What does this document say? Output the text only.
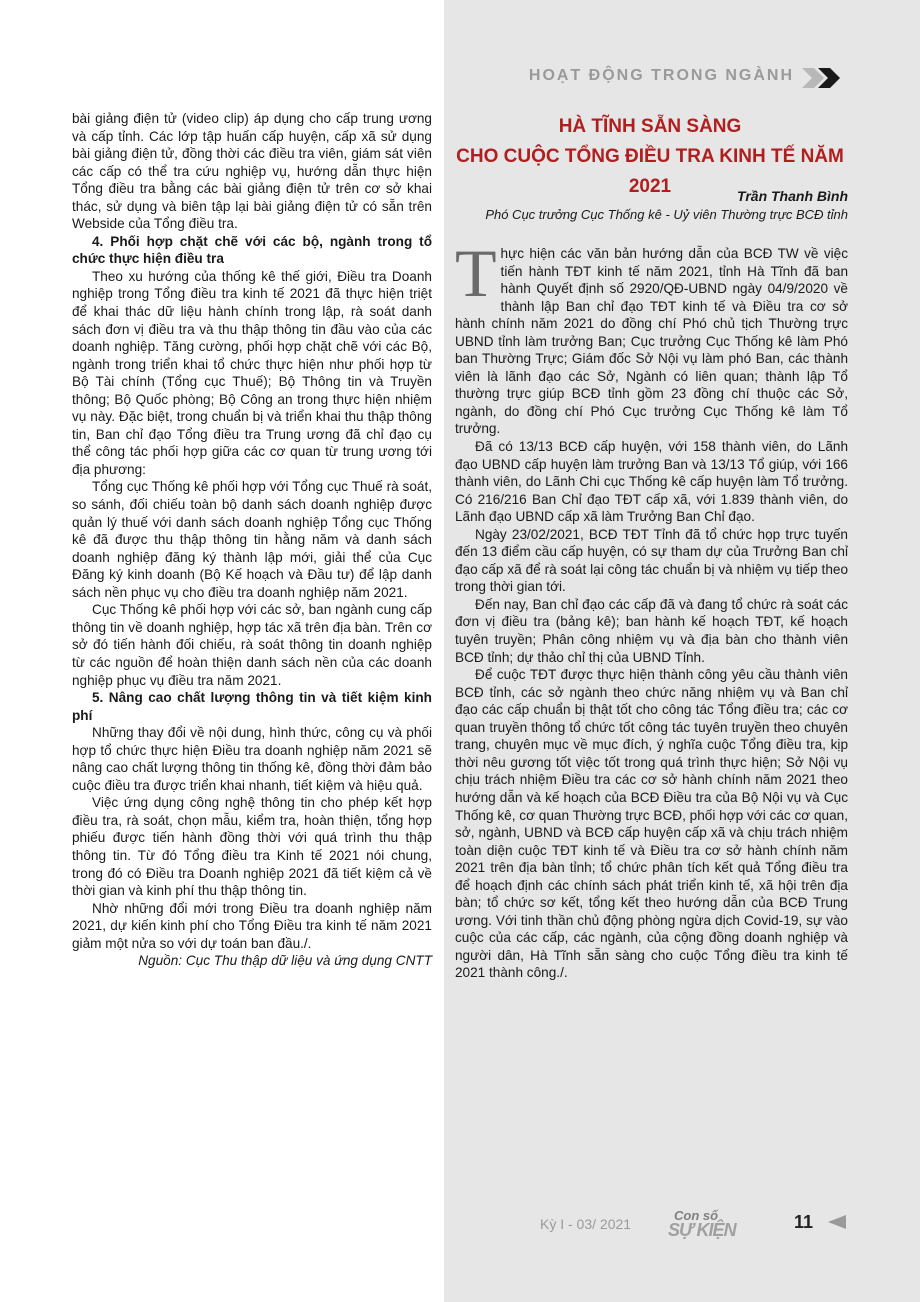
bài giảng điện tử (video clip) áp dụng cho cấp trung ương và cấp tỉnh. Các lớp tập huấn cấp huyện, cấp xã sử dụng bài giảng điện tử, đồng thời các điều tra viên, giám sát viên các cấp có thể tra cứu nghiệp vụ, hướng dẫn thực hiện Tổng điều tra bằng các bài giảng điện tử trên cơ sở khai thác, sử dụng và biên tập lại bài giảng điện tử có sẵn trên Webside của Tổng điều tra.

4. Phối hợp chặt chẽ với các bộ, ngành trong tổ chức thực hiện điều tra

Theo xu hướng của thống kê thế giới, Điều tra Doanh nghiệp trong Tổng điều tra kinh tế 2021 đã thực hiện triệt để khai thác dữ liệu hành chính trong lập, rà soát danh sách đơn vị điều tra và thu thập thông tin đầu vào của các doanh nghiệp. Tăng cường, phối hợp chặt chẽ với các Bộ, ngành trong triển khai tổ chức thực hiện như phối hợp từ Bộ Tài chính (Tổng cục Thuế); Bộ Thông tin và Truyền thông; Bộ Quốc phòng; Bộ Công an trong thực hiện nhiệm vụ này. Đặc biệt, trong chuẩn bị và triển khai thu thập thông tin, Ban chỉ đạo Tổng điều tra Trung ương đã chỉ đạo cụ thể công tác phối hợp giữa các cơ quan từ trung ương tới địa phương:

Tổng cục Thống kê phối hợp với Tổng cục Thuế rà soát, so sánh, đối chiếu toàn bộ danh sách doanh nghiệp được quản lý thuế với danh sách doanh nghiệp Tổng cục Thống kê đã được thu thập thông tin hằng năm và danh sách doanh nghiệp đăng ký thành lập mới, giải thể của Cục Đăng ký kinh doanh (Bộ Kế hoạch và Đầu tư) để lập danh sách nền phục vụ cho điều tra doanh nghiệp năm 2021.

Cục Thống kê phối hợp với các sở, ban ngành cung cấp thông tin về doanh nghiệp, hợp tác xã trên địa bàn. Trên cơ sở đó tiến hành đối chiếu, rà soát thông tin doanh nghiệp từ các nguồn để hoàn thiện danh sách nền của các doanh nghiệp phục vụ điều tra năm 2021.

5. Nâng cao chất lượng thông tin và tiết kiệm kinh phí

Những thay đổi về nội dung, hình thức, công cụ và phối hợp tổ chức thực hiện Điều tra doanh nghiệp năm 2021 sẽ nâng cao chất lượng thông tin thống kê, đồng thời đảm bảo cuộc điều tra được triển khai nhanh, tiết kiệm và hiệu quả.

Việc ứng dụng công nghệ thông tin cho phép kết hợp điều tra, rà soát, chọn mẫu, kiểm tra, hoàn thiện, tổng hợp phiếu được tiến hành đồng thời với quá trình thu thập thông tin. Từ đó Tổng điều tra Kinh tế 2021 nói chung, trong đó có Điều tra Doanh nghiệp 2021 đã tiết kiệm cả về thời gian và kinh phí thu thập thông tin.

Nhờ những đổi mới trong Điều tra doanh nghiệp năm 2021, dự kiến kinh phí cho Tổng Điều tra kinh tế năm 2021 giảm một nửa so với dự toán ban đầu./.

Nguồn: Cục Thu thập dữ liệu và ứng dụng CNTT

HOẠT ĐỘNG TRONG NGÀNH
HÀ TĨNH SẴN SÀNG
CHO CUỘC TỔNG ĐIỀU TRA KINH TẾ NĂM 2021	Trần Thanh Bình
Phó Cục trưởng Cục Thống kê - Uỷ viên Thường trực BCĐ tỉnh

Thực hiện các văn bản hướng dẫn của BCĐ TW về việc tiến hành TĐT kinh tế năm 2021, tỉnh Hà Tĩnh đã ban hành Quyết định số 2920/QĐ-UBND ngày 04/9/2020 về thành lập Ban chỉ đạo TĐT kinh tế và Điều tra cơ sở hành chính năm 2021 do đồng chí Phó chủ tịch Thường trực UBND tỉnh làm trưởng Ban; Cục trưởng Cục Thống kê làm Phó ban Thường Trực; Giám đốc Sở Nội vụ làm phó Ban, các thành viên là lãnh đạo các Sở, Ngành có liên quan; thành lập Tổ thường trực giúp BCĐ tỉnh gồm 23 đồng chí thuộc các Sở, ngành, do đồng chí Phó Cục trưởng Cục Thống kê làm Tổ trưởng.

Đã có 13/13 BCĐ cấp huyện, với 158 thành viên, do Lãnh đạo UBND cấp huyện làm trưởng Ban và 13/13 Tổ giúp, với 166 thành viên, do Lãnh Chi cục Thống kê cấp huyện làm Tổ trưởng. Có 216/216 Ban Chỉ đạo TĐT cấp xã, với 1.839 thành viên, do Lãnh đạo UBND cấp xã làm Trưởng Ban Chỉ đạo.

Ngày 23/02/2021, BCĐ TĐT Tỉnh đã tổ chức họp trực tuyến đến 13 điểm cầu cấp huyện, có sự tham dự của Trưởng Ban chỉ đạo cấp xã để rà soát lại công tác chuẩn bị và nhiệm vụ tiếp theo trong thời gian tới.

Đến nay, Ban chỉ đạo các cấp đã và đang tổ chức rà soát các đơn vị điều tra (bảng kê); ban hành kế hoạch TĐT, kế hoạch tuyên truyền; Phân công nhiệm vụ và địa bàn cho thành viên BCĐ tỉnh; dự thảo chỉ thị của UBND Tỉnh.

Để cuộc TĐT được thực hiện thành công yêu cầu thành viên BCĐ tỉnh, các sở ngành theo chức năng nhiệm vụ và Ban chỉ đạo các cấp chuẩn bị thật tốt cho công tác Tổng điều tra; các cơ quan truyền thông tổ chức tốt công tác tuyên truyền theo chuyên trang, chuyên mục về mục đích, ý nghĩa cuộc Tổng điều tra, kịp thời nêu gương tốt việc tốt trong quá trình thực hiện; Sở Nội vụ chịu trách nhiệm Điều tra các cơ sở hành chính năm 2021 theo hướng dẫn và kế hoạch của BCĐ Điều tra của Bộ Nội vụ và Cục Thống kê, cơ quan Thường trực BCĐ, phối hợp với các cơ quan, sở, ngành, UBND và BCĐ cấp huyện cấp xã và chịu trách nhiệm toàn diện cuộc TĐT kinh tế và Điều tra cơ sở hành chính năm 2021 trên địa bàn tỉnh; tổ chức phân tích kết quả Tổng điều tra để hoạch định các chính sách phát triển kinh tế, xã hội trên địa bàn; tổ chức sơ kết, tổng kết theo hướng dẫn của BCĐ Trung ương. Với tinh thần chủ động phòng ngừa dịch Covid-19, sự vào cuộc của các cấp, các ngành, của cộng đồng doanh nghiệp và người dân, Hà Tĩnh sẵn sàng cho cuộc Tổng điều tra kinh tế 2021 thành công./.

Kỳ I - 03/ 2021
Con số
SỰ KIỆN	11
